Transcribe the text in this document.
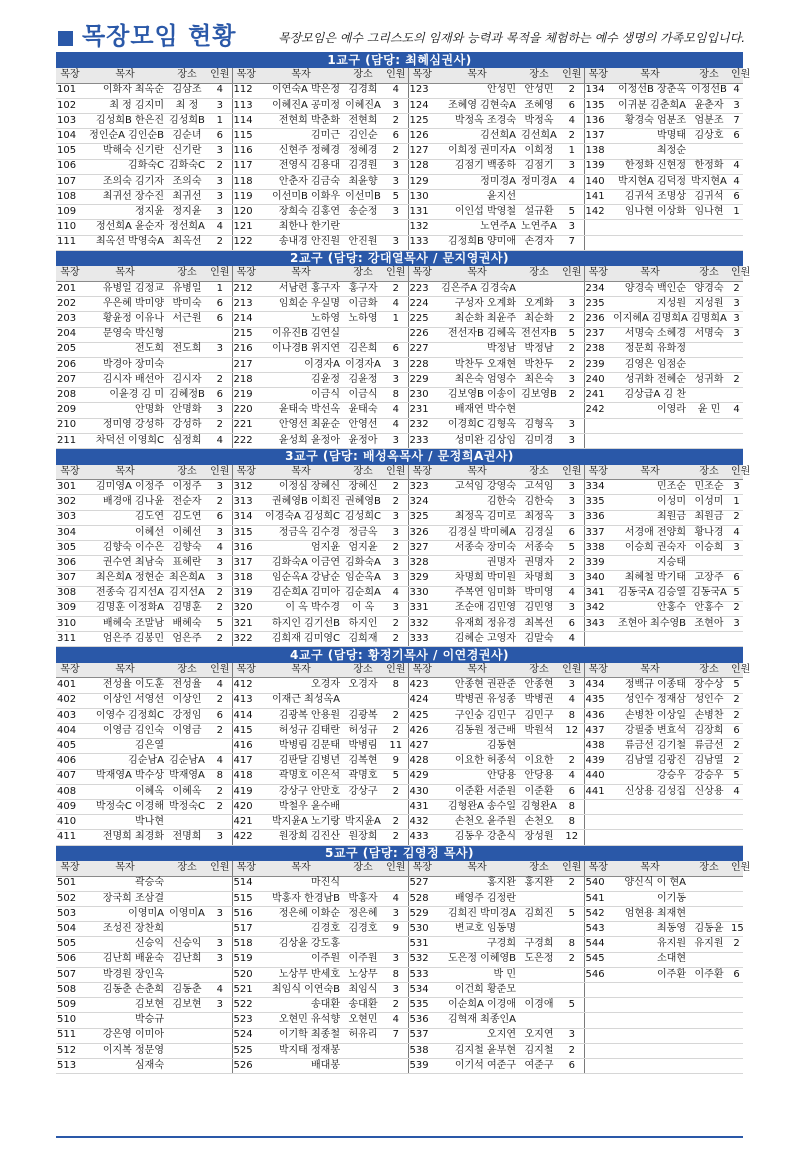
목장모임 현황	목장모임은 예수 그리스도의 임재와 능력과 목적을 체험하는 예수 생명의 가족모임입니다.
1교구 (담당: 최혜심권사)															
목장	목자	장소	인원	목장	목자	장소	인원	목장	목자	장소	인원	목장	목자	장소	인원
101	이화자 최옥순	김삼조	4	112	이연숙A 박은정	김경희	4	123	안성민	안성민	2	134	이정선B 장춘옥	이정선B	4
102	최 정 김지미	최 정	3	113	이혜진A 공미정	이혜진A	3	124	조혜영 김현숙A	조혜영	6	135	이귀분 김춘희A	윤춘자	3
103	김성희B 한은진	김성희B	1	114	전현희 박춘화	전현희	2	125	박정옥 조경숙	박정옥	4	136	황경숙 엄분조	엄분조	7
104	정인순A 김인순B	김순녀	6	115	김미근	김인순	6	126	김선희A	김선희A	2	137	박명태	김상호	6
105	박해숙 신기란	신기란	3	116	신현주 정혜경	정혜경	2	127	이희정 권미자A	이희정	1	138	최정순		
106	김화숙C	김화숙C	2	117	전영식 김용대	김경원	3	128	김점기 백종하	김점기	3	139	한정화 신현정	한정화	4
107	조의숙 김기자	조의숙	3	118	안춘자 김금숙	최윤향	3	129	정미경A	정미경A	4	140	박지현A 김덕정	박지현A	4
108	최귀선 장수진	최귀선	3	119	이선미B 이화우	이선미B	5	130	윤지선			141	김귀석 조명상	김귀석	6
109	정지윤	정지윤	3	120	장희숙 김홍연	송순정	3	131	이인섭 박영철	설규환	5	142	임나현 이상화	임나현	1
110	정선희A 윤순자	정선희A	4	121	최한나 한기란			132	노연주A	노연주A	3				
111	최옥선 박영숙A	최옥선	2	122	송내경 안진원	안진원	3	133	김정희B 양미애	손경자	7				
2교구 (담당: 강대열목사 / 문지영권사)															
목장	목자	장소	인원	목장	목자	장소	인원	목장	목자	장소	인원	목장	목자	장소	인원
201	유병일 김정교	유병일	1	212	서남련 홍구자	홍구자	2	223	김은주A 김경숙A			234	양경숙 백인순	양경숙	2
202	우은혜 박미양	박미숙	6	213	임희순 우실명	이금화	4	224	구성자 오계화	오계화	3	235	지성원	지성원	3
203	황윤정 이유나	서근원	6	214	노하영	노하영	1	225	최순화 최윤주	최순화	2	236	이지혜A 김명희A	김명희A	3
204	문영숙 박신형			215	이유진B 김연실			226	전선자B 김혜옥	전선자B	5	237	서명숙 소혜경	서명숙	3
205	전도희	전도희	3	216	이나경B 위지연	김은희	6	227	박정남	박정남	2	238	정문희 유화정		
206	박경아 장미숙			217	이경자A	이경자A	3	228	박찬두 오재현	박찬두	2	239	김영은 임점순		
207	김시자 배선아	김시자	2	218	김윤정	김윤정	3	229	최은숙 엄영수	최은숙	3	240	성귀화 전혜순	성귀화	2
208	이윤경 김 미	김혜정B	6	219	이금식	이금식	8	230	김보영B 이송이	김보영B	2	241	김상급A 김 찬		
209	안명화	안명화	3	220	윤태숙 박선옥	윤태숙	4	231	배재연 박수현			242	이영라	윤 민	4
210	정미영 강성하	강성하	2	221	안영선 최윤순	안영선	4	232	이경희C 김형옥	김형옥	3				
211	차덕선 이영희C	심정희	4	222	윤성희 윤정아	윤정아	3	233	성미완 김상임	김미경	3				
3교구 (담당: 배성옥목사 / 문정희A권사)															
목장	목자	장소	인원	목장	목자	장소	인원	목장	목자	장소	인원	목장	목자	장소	인원
301	김미영A 이정주	이정주	3	312	이정심 장혜신	장혜신	2	323	고석임 강영숙	고석임	3	334	민조순	민조순	3
302	배경애 김나윤	전순자	2	313	권혜영B 이희진	권혜영B	2	324	김한숙	김한숙	3	335	이성미	이성미	1
303	김도연	김도연	6	314	이경숙A 김성희C	김성희C	3	325	최정옥 김미로	최정옥	3	336	최원금	최원금	2
304	이혜선	이혜선	3	315	정금옥 김수경	정금옥	3	326	김경실 박미혜A	김경실	6	337	서경애 전양희	황나경	4
305	김향숙 이수은	김향숙	4	316	엄지윤	엄지윤	2	327	서종숙 장미숙	서종숙	5	338	이승희 권숙자	이승희	3
306	권수연 최남숙	표혜란	3	317	김화숙A 이금연	김화숙A	3	328	권명자	권명자	2	339	지승태		
307	최은희A 정현순	최은희A	3	318	임순옥A 강남순	임순옥A	3	329	차명희 박미원	차명희	3	340	최혜철 박기태	고장주	6
308	전종숙 김지선A	김지선A	2	319	김순희A 김미아	김순희A	4	330	주복연 임미화	박미영	4	341	김동국A 김승열	김동국A	5
309	김명훈 이정화A	김명훈	2	320	이 옥 박수경	이 옥	3	331	조순애 김민영	김민영	3	342	안홍수	안홍수	2
310	배혜숙 조말남	배혜숙	5	321	하지인 김기선B	하지인	2	332	유재희 정유경	최복선	6	343	조현아 최수영B	조현아	3
311	엄은주 김봉민	엄은주	2	322	김희재 김미영C	김희재	2	333	김혜순 고영자	김말숙	4				
4교구 (담당: 황정기목사 / 이연경권사)															
목장	목자	장소	인원	목장	목자	장소	인원	목장	목자	장소	인원	목장	목자	장소	인원
401	전성율 이도훈	전성율	4	412	오경자	오경자	8	423	안종현 권관준	안종현	3	434	정백규 이종태	장수상	5
402	이상인 서영선	이상인	2	413	이재근 최성옥A			424	박병권 유성종	박병권	4	435	성인수 정재삼	성인수	2
403	이영수 김정희C	강정임	6	414	김광복 안용원	김광복	2	425	구인숭 김민구	김민구	8	436	손병찬 이상일	손병찬	2
404	이영금 김인숙	이영금	2	415	허성규 김태란	허성규	2	426	김동원 정근배	박원석	12	437	강필중 변효석	김장희	6
405	김은열			416	박병림 김문태	박병림	11	427	김동현			438	류금선 김기철	류금선	2
406	김순남A	김순남A	4	417	김판달 김병년	김복현	9	428	이요한 허종석	이요한	2	439	김남열 김광진	김남열	2
407	박재영A 박수상	박재영A	8	418	곽명호 이은석	곽명호	5	429	안당용	안당용	4	440	강승우	강승우	5
408	이혜옥	이혜옥	2	419	강상구 안만호	강상구	2	430	이준환 서준원	이준환	6	441	신상용 김성집	신상용	4
409	박정숙C 이경해	박정숙C	2	420	박철우 윤수배			431	김형완A 송수일	김형완A	8				
410	박나현			421	박지윤A 노기랑	박지윤A	2	432	손천오 윤주원	손천오	8				
411	전명희 최경화	전명희	3	422	원장희 김진산	원장희	2	433	김동우 강춘식	장성원	12				
5교구 (담당: 김영정 목사)															
목장	목자	장소	인원	목장	목자	장소	인원	목장	목자	장소	인원	목장	목자	장소	인원
501	곽승숙			514	마진식			527	홍지완	홍지완	2	540	양신식 이 현A		
502	장국희 조삼결			515	박홍자 한경남B	박홍자	4	528	배영주 김정란			541	이기동		
503	이영미A	이영미A	3	516	정은혜 이화순	정은혜	3	529	김희진 박미경A	김희진	5	542	엄현용 최재현		
504	조성진 장찬희			517	김경호	김경호	9	530	변교호 임동명			543	최동영	김동윤	15
505	신승익	신승익	3	518	김상윤 강도홍			531	구경희	구경희	8	544	유지원	유지원	2
506	김난희 배윤숙	김난희	3	519	이주원	이주원	3	532	도은정 이혜영B	도은정	2	545	소대현		
507	박경원 장인옥			520	노상무 반세호	노상무	8	533	박 민			546	이주환	이주환	6
508	김동춘 손춘희	김동춘	4	521	최임식 이연숙B	최임식	3	534	이건희 황준모						
509	김보현	김보현	3	522	송대환	송대환	2	535	이순희A 이경애	이경애	5				
510	박승규			523	오현민 유석향	오현민	4	536	김혁재 최종인A						
511	강은영 이미아			524	이기학 최종철	허유리	7	537	오지연	오지연	3				
512	이지복 정문영			525	박지태 정재봉			538	김지철 윤부현	김지철	2				
513	심재숙			526	배대봉			539	이기석 여준구	여준구	6				
